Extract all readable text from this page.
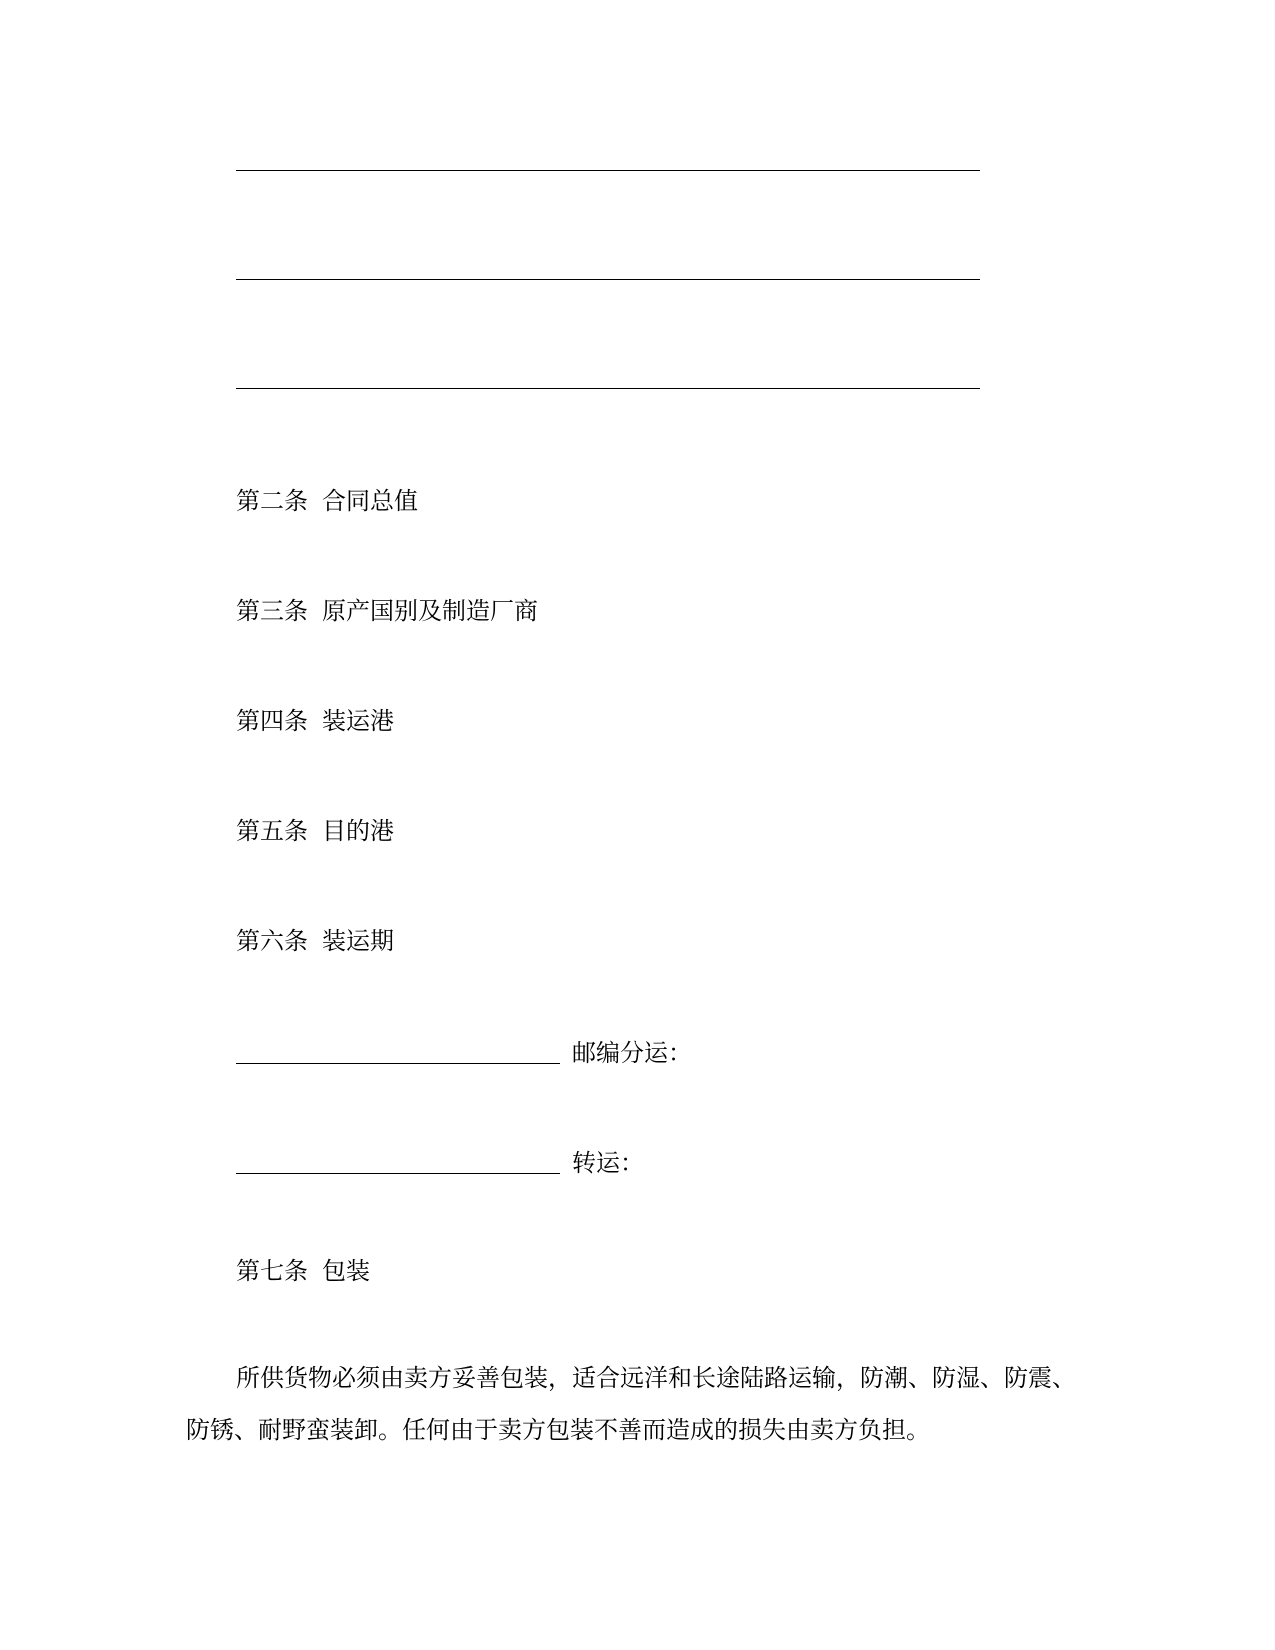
第二条 合同总值
第三条 原产国别及制造厂商
第四条 装运港
第五条 目的港
第六条 装运期
邮编分运：
转运：
第七条 包装
所供货物必须由卖方妥善包装，适合远洋和长途陆路运输，防潮、防湿、防震、防锈、耐野蛮装卸。任何由于卖方包装不善而造成的损失由卖方负担。
